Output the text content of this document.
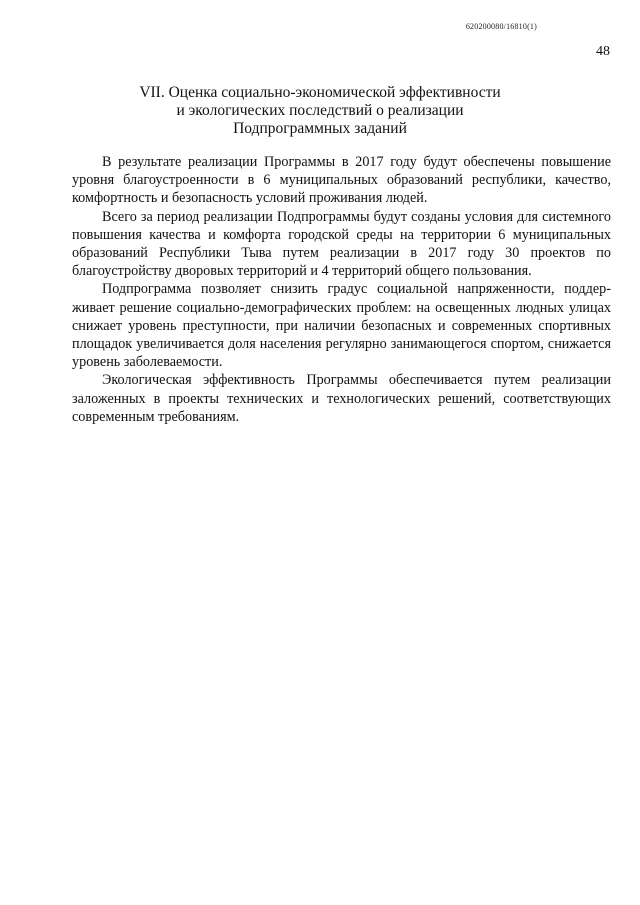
620200080/16810(1)
48
VII. Оценка социально-экономической эффективности
и экологических последствий о реализации
Подпрограммных заданий

В результате реализации Программы в 2017 году будут обеспечены повышение уровня благоустроенности в 6 муниципальных образований республики, качество, комфортность и безопасность условий проживания людей.

Всего за период реализации Подпрограммы будут созданы условия для системного повышения качества и комфорта городской среды на территории 6 муниципальных образований Республики Тыва путем реализации в 2017 году 30 проектов по благоустройству дворовых территорий и 4 территорий общего пользования.

Подпрограмма позволяет снизить градус социальной напряженности, поддерживает решение социально-демографических проблем: на освещенных людных улицах снижает уровень преступности, при наличии безопасных и современных спортивных площадок увеличивается доля населения регулярно занимающегося спортом, снижается уровень заболеваемости.

Экологическая эффективность Программы обеспечивается путем реализации заложенных в проекты технических и технологических решений, соответствующих современным требованиям.
